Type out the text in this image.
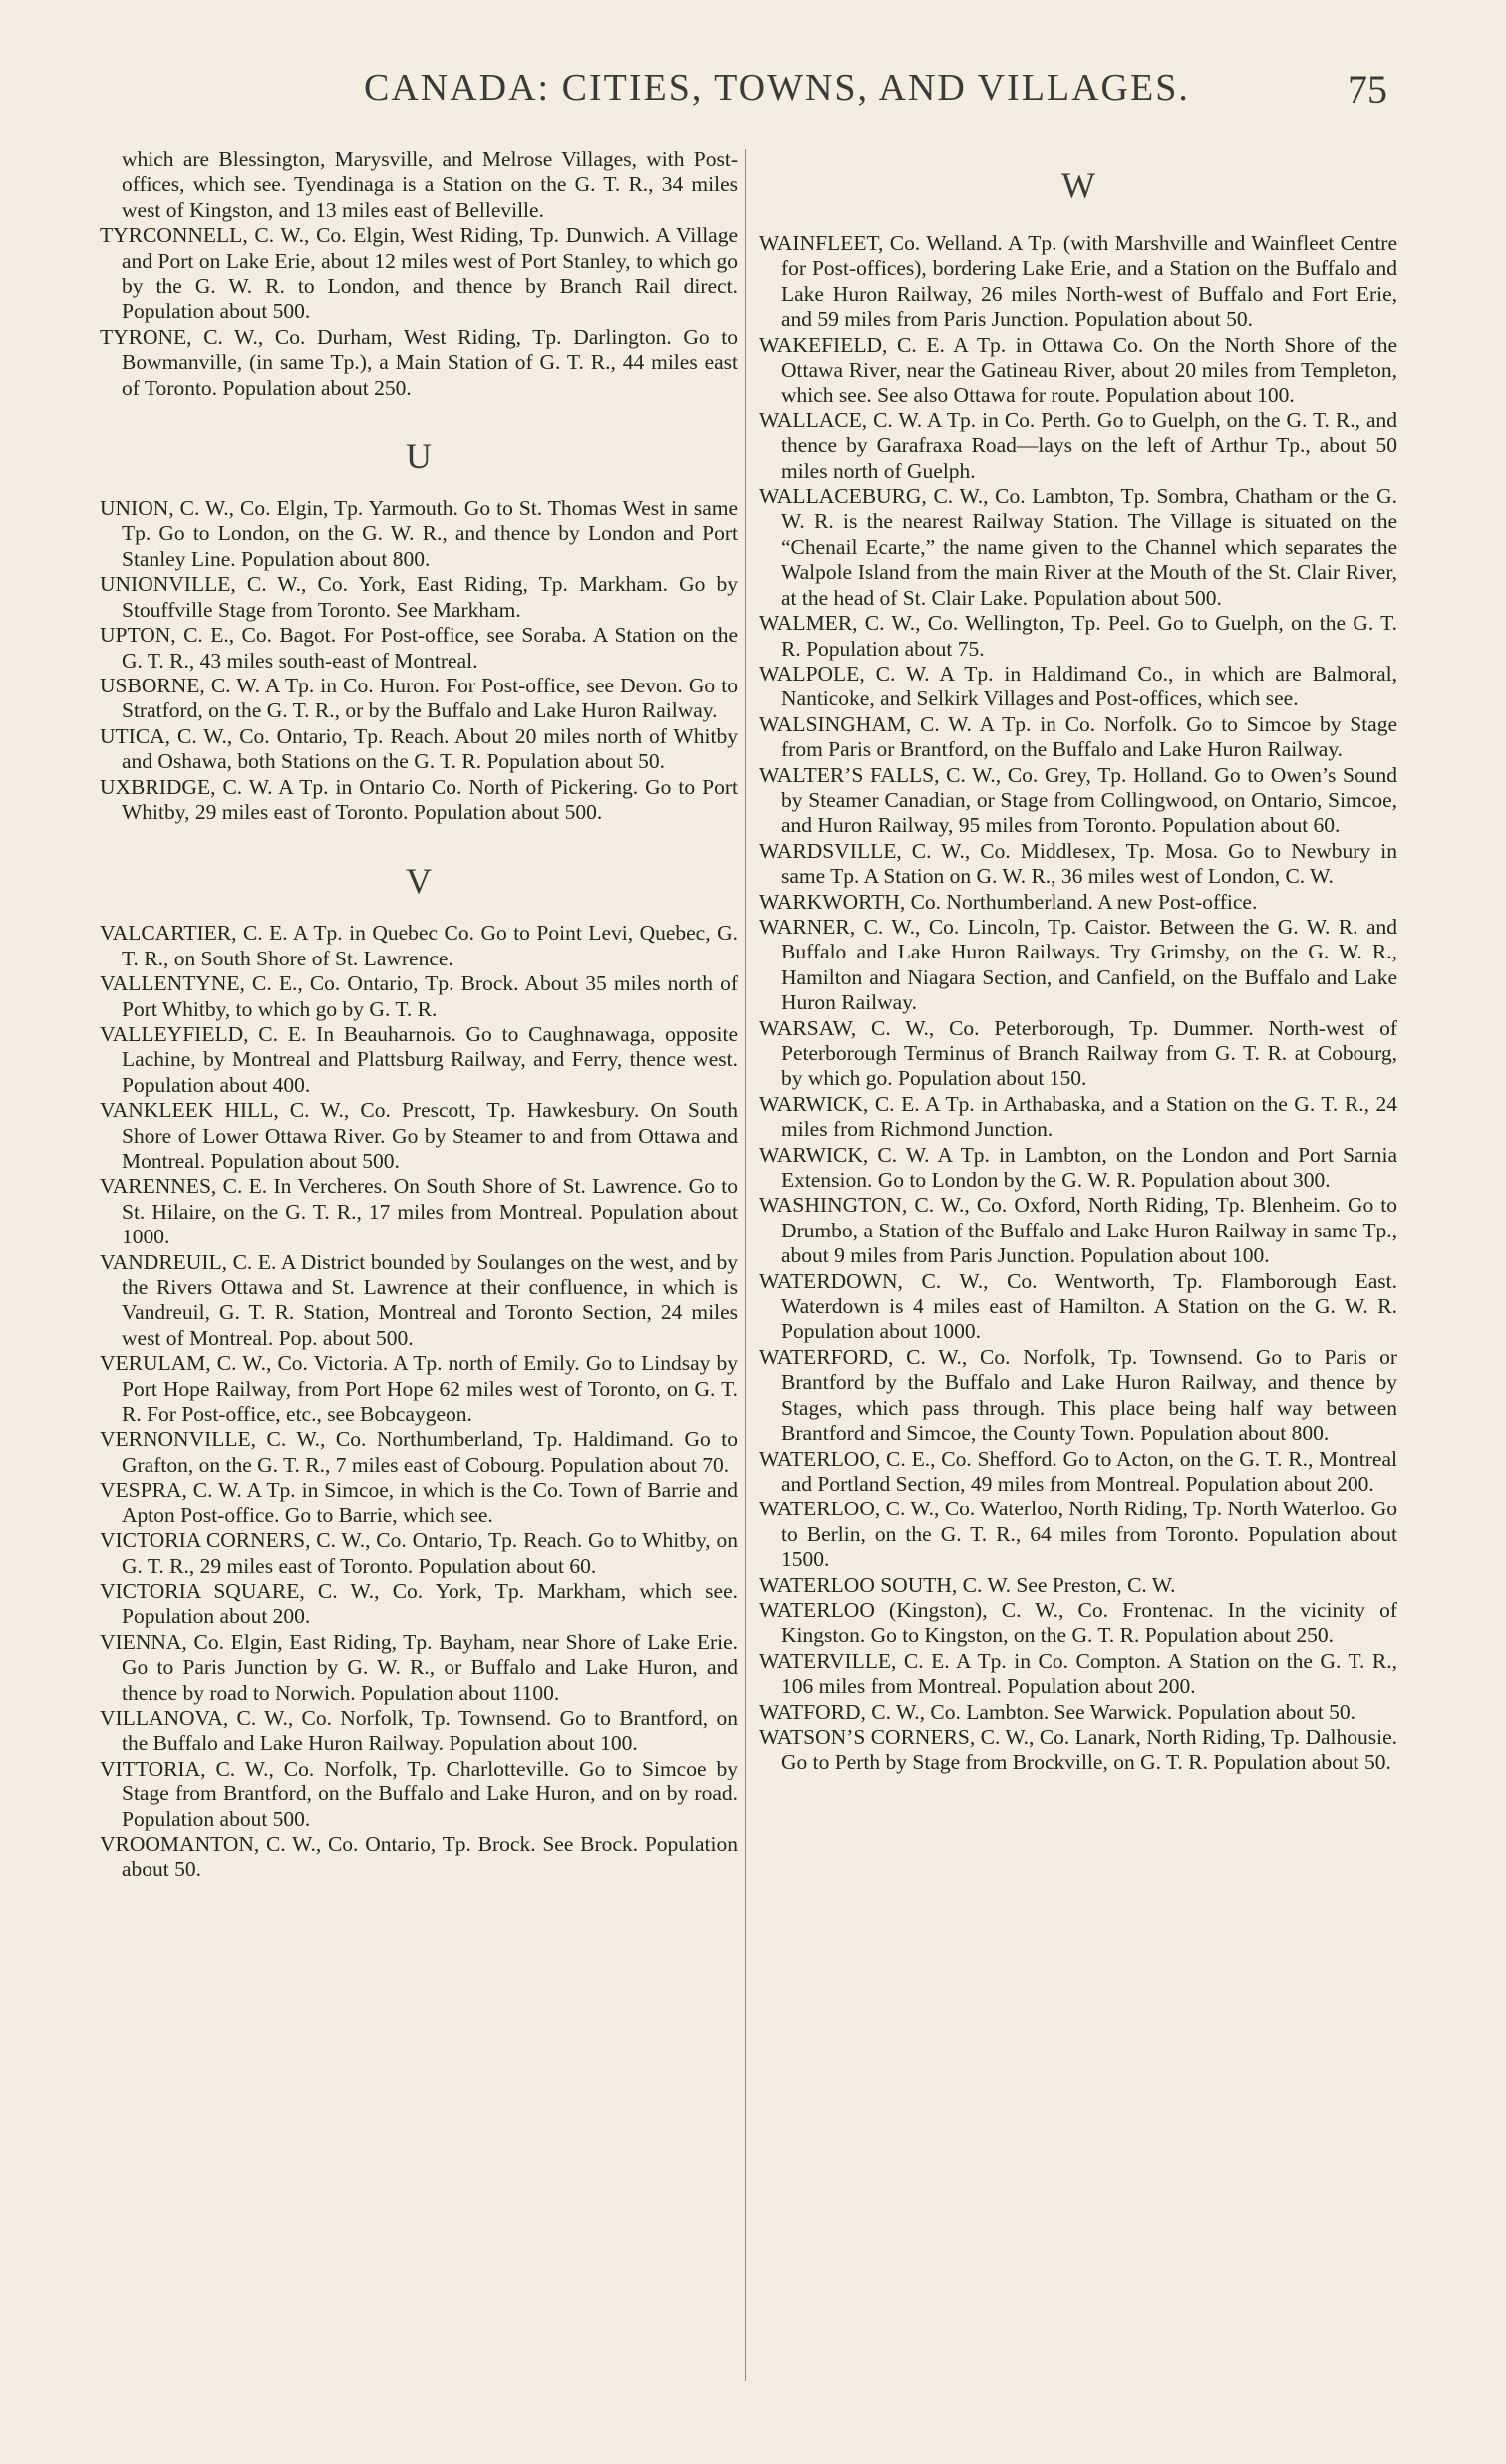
CANADA: CITIES, TOWNS, AND VILLAGES.	75

which are Blessington, Marysville, and Melrose Villages, with Post-offices, which see. Tyendinaga is a Station on the G. T. R., 34 miles west of Kingston, and 13 miles east of Belleville.

TYRCONNELL, C. W., Co. Elgin, West Riding, Tp. Dunwich. A Village and Port on Lake Erie, about 12 miles west of Port Stanley, to which go by the G. W. R. to London, and thence by Branch Rail direct. Population about 500.

TYRONE, C. W., Co. Durham, West Riding, Tp. Darlington. Go to Bowmanville, (in same Tp.), a Main Station of G. T. R., 44 miles east of Toronto. Population about 250.

U

UNION, C. W., Co. Elgin, Tp. Yarmouth. Go to St. Thomas West in same Tp. Go to London, on the G. W. R., and thence by London and Port Stanley Line. Population about 800.

UNIONVILLE, C. W., Co. York, East Riding, Tp. Markham. Go by Stouffville Stage from Toronto. See Markham.

UPTON, C. E., Co. Bagot. For Post-office, see Soraba. A Station on the G. T. R., 43 miles south-east of Montreal.

USBORNE, C. W. A Tp. in Co. Huron. For Post-office, see Devon. Go to Stratford, on the G. T. R., or by the Buffalo and Lake Huron Railway.

UTICA, C. W., Co. Ontario, Tp. Reach. About 20 miles north of Whitby and Oshawa, both Stations on the G. T. R. Population about 50.

UXBRIDGE, C. W. A Tp. in Ontario Co. North of Pickering. Go to Port Whitby, 29 miles east of Toronto. Population about 500.

V

VALCARTIER, C. E. A Tp. in Quebec Co. Go to Point Levi, Quebec, G. T. R., on South Shore of St. Lawrence.

VALLENTYNE, C. E., Co. Ontario, Tp. Brock. About 35 miles north of Port Whitby, to which go by G. T. R.

VALLEYFIELD, C. E. In Beauharnois. Go to Caughnawaga, opposite Lachine, by Montreal and Plattsburg Railway, and Ferry, thence west. Population about 400.

VANKLEEK HILL, C. W., Co. Prescott, Tp. Hawkesbury. On South Shore of Lower Ottawa River. Go by Steamer to and from Ottawa and Montreal. Population about 500.

VARENNES, C. E. In Vercheres. On South Shore of St. Lawrence. Go to St. Hilaire, on the G. T. R., 17 miles from Montreal. Population about 1000.

VANDREUIL, C. E. A District bounded by Soulanges on the west, and by the Rivers Ottawa and St. Lawrence at their confluence, in which is Vandreuil, G. T. R. Station, Montreal and Toronto Section, 24 miles west of Montreal. Pop. about 500.

VERULAM, C. W., Co. Victoria. A Tp. north of Emily. Go to Lindsay by Port Hope Railway, from Port Hope 62 miles west of Toronto, on G. T. R. For Post-office, etc., see Bobcaygeon.

VERNONVILLE, C. W., Co. Northumberland, Tp. Haldimand. Go to Grafton, on the G. T. R., 7 miles east of Cobourg. Population about 70.

VESPRA, C. W. A Tp. in Simcoe, in which is the Co. Town of Barrie and Apton Post-office. Go to Barrie, which see.

VICTORIA CORNERS, C. W., Co. Ontario, Tp. Reach. Go to Whitby, on G. T. R., 29 miles east of Toronto. Population about 60.

VICTORIA SQUARE, C. W., Co. York, Tp. Markham, which see. Population about 200.

VIENNA, Co. Elgin, East Riding, Tp. Bayham, near Shore of Lake Erie. Go to Paris Junction by G. W. R., or Buffalo and Lake Huron, and thence by road to Norwich. Population about 1100.

VILLANOVA, C. W., Co. Norfolk, Tp. Townsend. Go to Brantford, on the Buffalo and Lake Huron Railway. Population about 100.

VITTORIA, C. W., Co. Norfolk, Tp. Charlotteville. Go to Simcoe by Stage from Brantford, on the Buffalo and Lake Huron, and on by road. Population about 500.

VROOMANTON, C. W., Co. Ontario, Tp. Brock. See Brock. Population about 50.

W

WAINFLEET, Co. Welland. A Tp. (with Marshville and Wainfleet Centre for Post-offices), bordering Lake Erie, and a Station on the Buffalo and Lake Huron Railway, 26 miles North-west of Buffalo and Fort Erie, and 59 miles from Paris Junction. Population about 50.

WAKEFIELD, C. E. A Tp. in Ottawa Co. On the North Shore of the Ottawa River, near the Gatineau River, about 20 miles from Templeton, which see. See also Ottawa for route. Population about 100.

WALLACE, C. W. A Tp. in Co. Perth. Go to Guelph, on the G. T. R., and thence by Garafraxa Road—lays on the left of Arthur Tp., about 50 miles north of Guelph.

WALLACEBURG, C. W., Co. Lambton, Tp. Sombra, Chatham or the G. W. R. is the nearest Railway Station. The Village is situated on the “Chenail Ecarte,” the name given to the Channel which separates the Walpole Island from the main River at the Mouth of the St. Clair River, at the head of St. Clair Lake. Population about 500.

WALMER, C. W., Co. Wellington, Tp. Peel. Go to Guelph, on the G. T. R. Population about 75.

WALPOLE, C. W. A Tp. in Haldimand Co., in which are Balmoral, Nanticoke, and Selkirk Villages and Post-offices, which see.

WALSINGHAM, C. W. A Tp. in Co. Norfolk. Go to Simcoe by Stage from Paris or Brantford, on the Buffalo and Lake Huron Railway.

WALTER’S FALLS, C. W., Co. Grey, Tp. Holland. Go to Owen’s Sound by Steamer Canadian, or Stage from Collingwood, on Ontario, Simcoe, and Huron Railway, 95 miles from Toronto. Population about 60.

WARDSVILLE, C. W., Co. Middlesex, Tp. Mosa. Go to Newbury in same Tp. A Station on G. W. R., 36 miles west of London, C. W.

WARKWORTH, Co. Northumberland. A new Post-office.

WARNER, C. W., Co. Lincoln, Tp. Caistor. Between the G. W. R. and Buffalo and Lake Huron Railways. Try Grimsby, on the G. W. R., Hamilton and Niagara Section, and Canfield, on the Buffalo and Lake Huron Railway.

WARSAW, C. W., Co. Peterborough, Tp. Dummer. North-west of Peterborough Terminus of Branch Railway from G. T. R. at Cobourg, by which go. Population about 150.

WARWICK, C. E. A Tp. in Arthabaska, and a Station on the G. T. R., 24 miles from Richmond Junction.

WARWICK, C. W. A Tp. in Lambton, on the London and Port Sarnia Extension. Go to London by the G. W. R. Population about 300.

WASHINGTON, C. W., Co. Oxford, North Riding, Tp. Blenheim. Go to Drumbo, a Station of the Buffalo and Lake Huron Railway in same Tp., about 9 miles from Paris Junction. Population about 100.

WATERDOWN, C. W., Co. Wentworth, Tp. Flamborough East. Waterdown is 4 miles east of Hamilton. A Station on the G. W. R. Population about 1000.

WATERFORD, C. W., Co. Norfolk, Tp. Townsend. Go to Paris or Brantford by the Buffalo and Lake Huron Railway, and thence by Stages, which pass through. This place being half way between Brantford and Simcoe, the County Town. Population about 800.

WATERLOO, C. E., Co. Shefford. Go to Acton, on the G. T. R., Montreal and Portland Section, 49 miles from Montreal. Population about 200.

WATERLOO, C. W., Co. Waterloo, North Riding, Tp. North Waterloo. Go to Berlin, on the G. T. R., 64 miles from Toronto. Population about 1500.

WATERLOO SOUTH, C. W. See Preston, C. W.

WATERLOO (Kingston), C. W., Co. Frontenac. In the vicinity of Kingston. Go to Kingston, on the G. T. R. Population about 250.

WATERVILLE, C. E. A Tp. in Co. Compton. A Station on the G. T. R., 106 miles from Montreal. Population about 200.

WATFORD, C. W., Co. Lambton. See Warwick. Population about 50.

WATSON’S CORNERS, C. W., Co. Lanark, North Riding, Tp. Dalhousie. Go to Perth by Stage from Brockville, on G. T. R. Population about 50.
